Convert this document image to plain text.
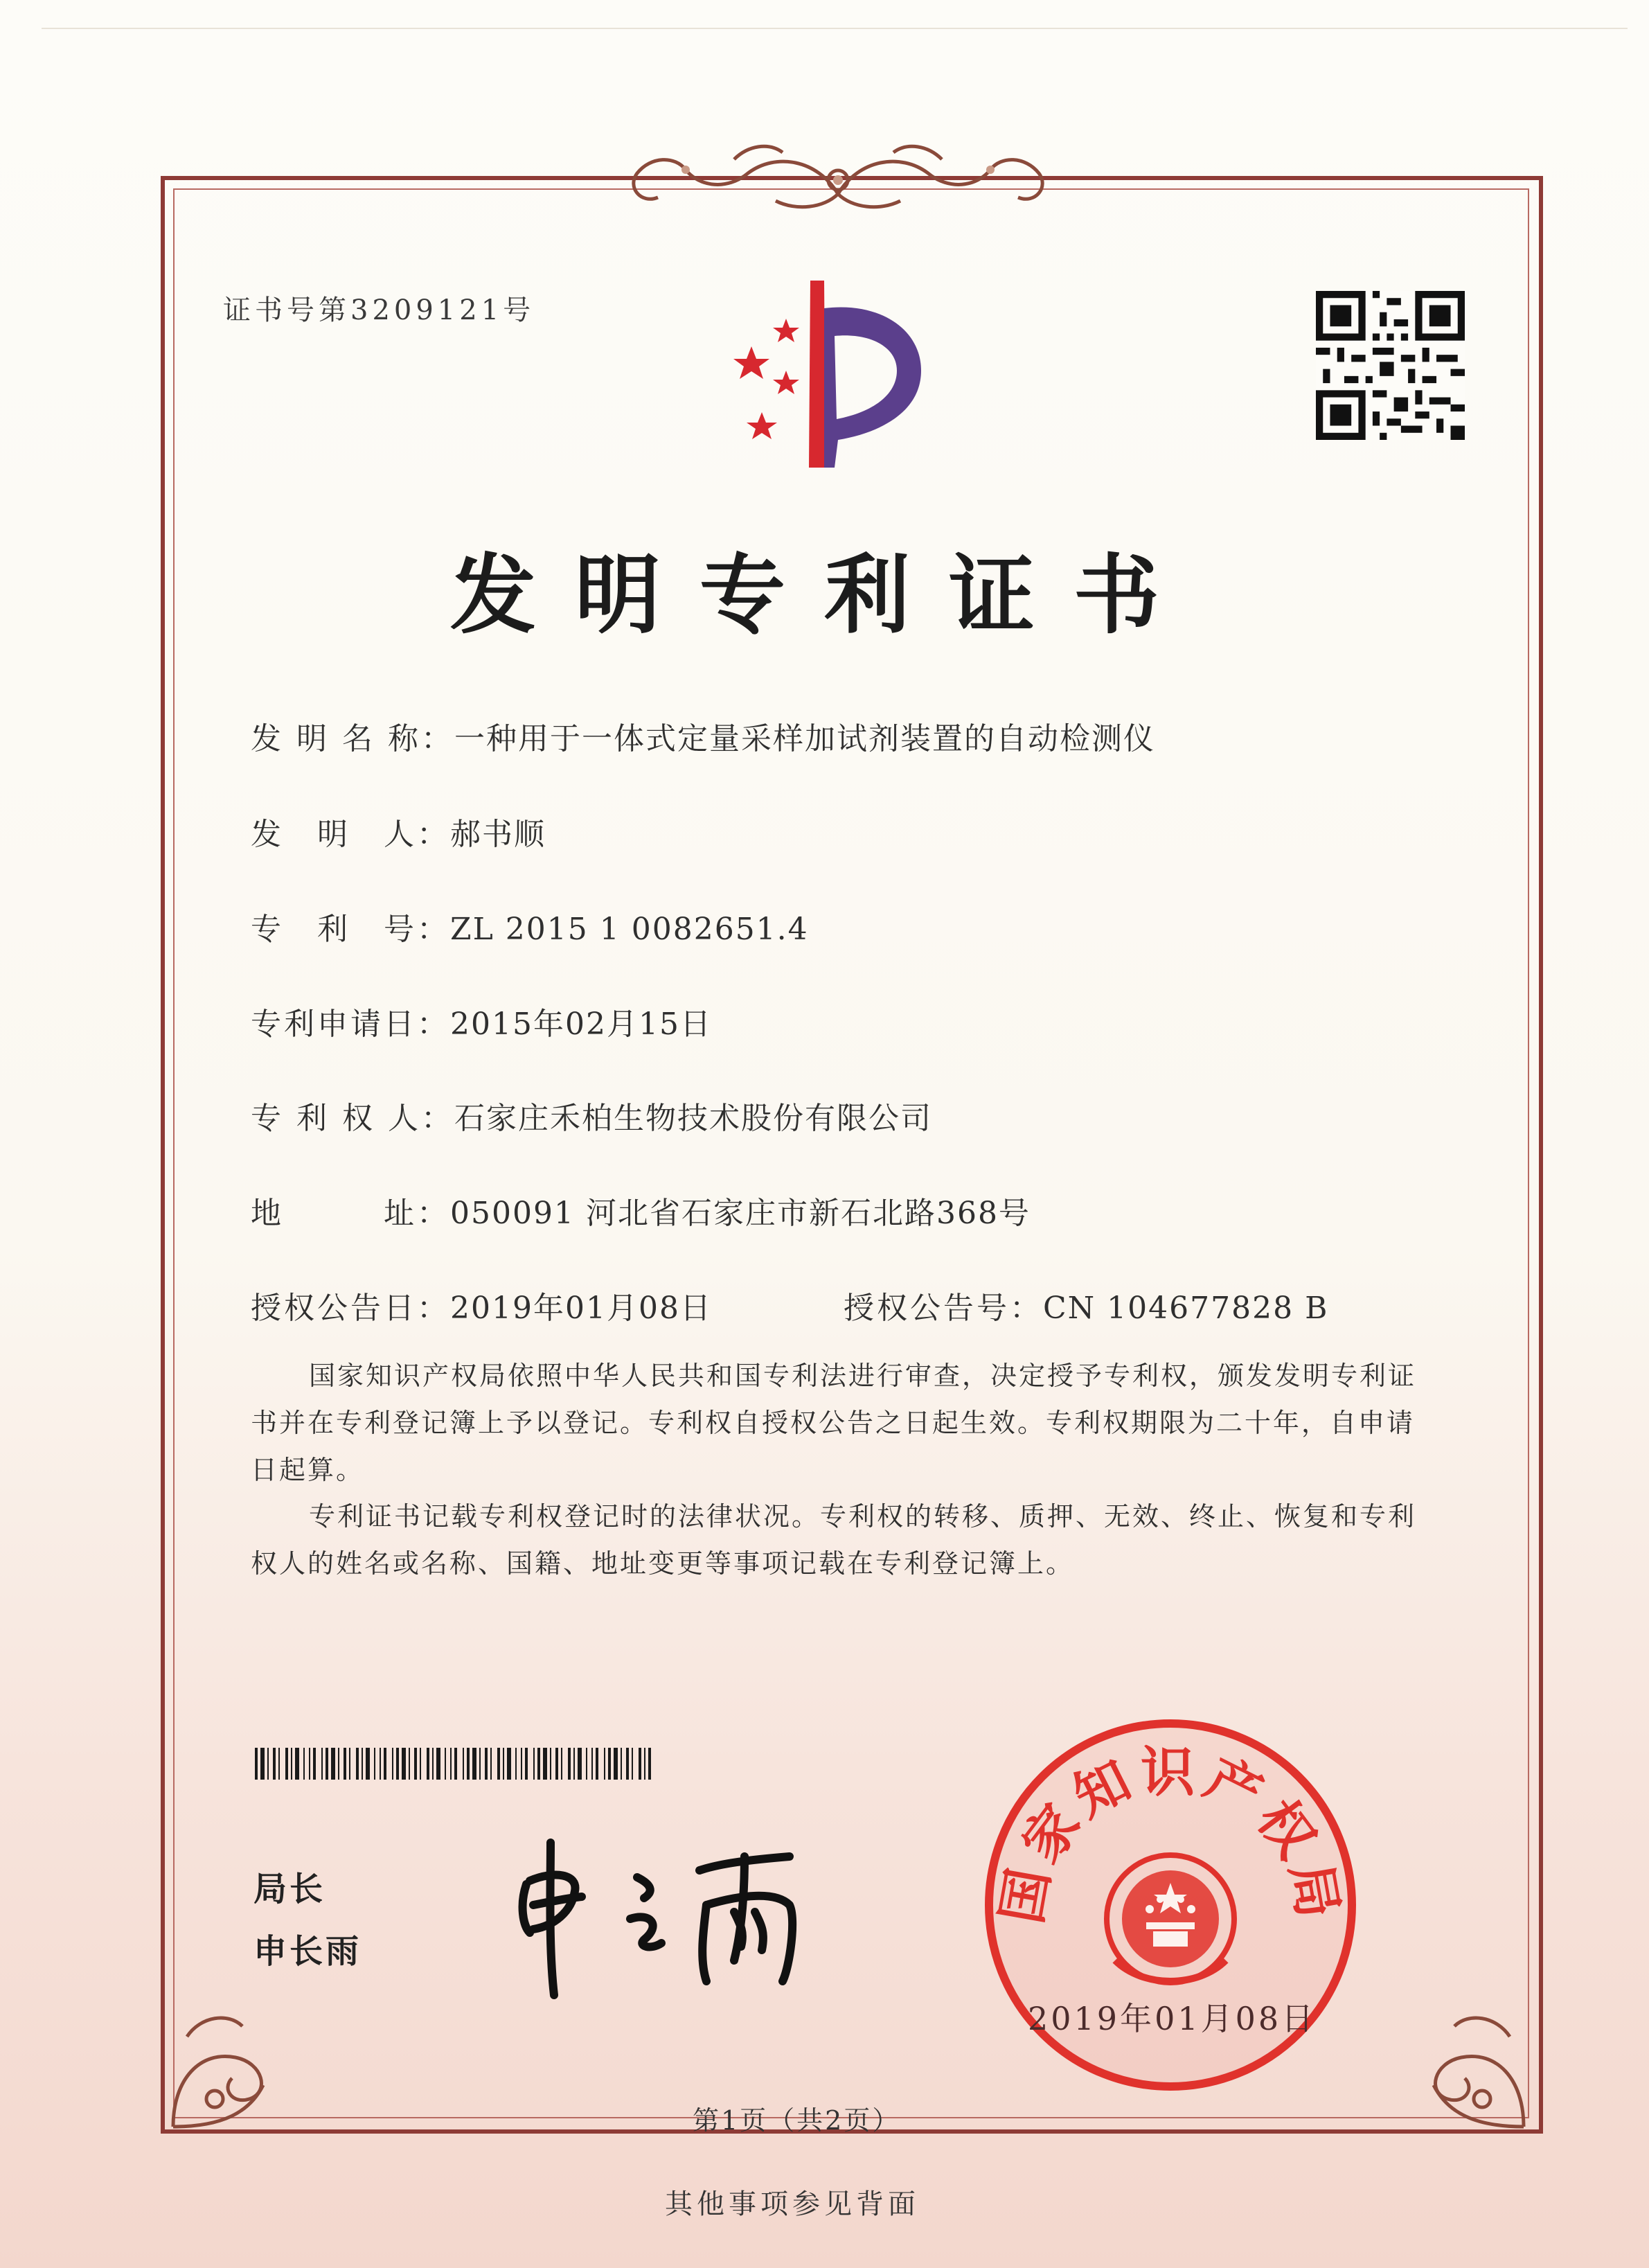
证书号第3209121号
发明专利证书
发 明 名 称：一种用于一体式定量采样加试剂装置的自动检测仪
发　明　人：郝书顺
专　利　号：ZL 2015 1 0082651.4
专利申请日：2015年02月15日
专 利 权 人：石家庄禾柏生物技术股份有限公司
地　　　址：050091 河北省石家庄市新石北路368号
授权公告日：2019年01月08日	授权公告号：CN 104677828 B
国家知识产权局依照中华人民共和国专利法进行审查，决定授予专利权，颁发发明专利证书并在专利登记簿上予以登记。专利权自授权公告之日起生效。专利权期限为二十年，自申请日起算。
专利证书记载专利权登记时的法律状况。专利权的转移、质押、无效、终止、恢复和专利权人的姓名或名称、国籍、地址变更等事项记载在专利登记簿上。
局长
申长雨
国家知识产权局
2019年01月08日
第1页（共2页）
其他事项参见背面
